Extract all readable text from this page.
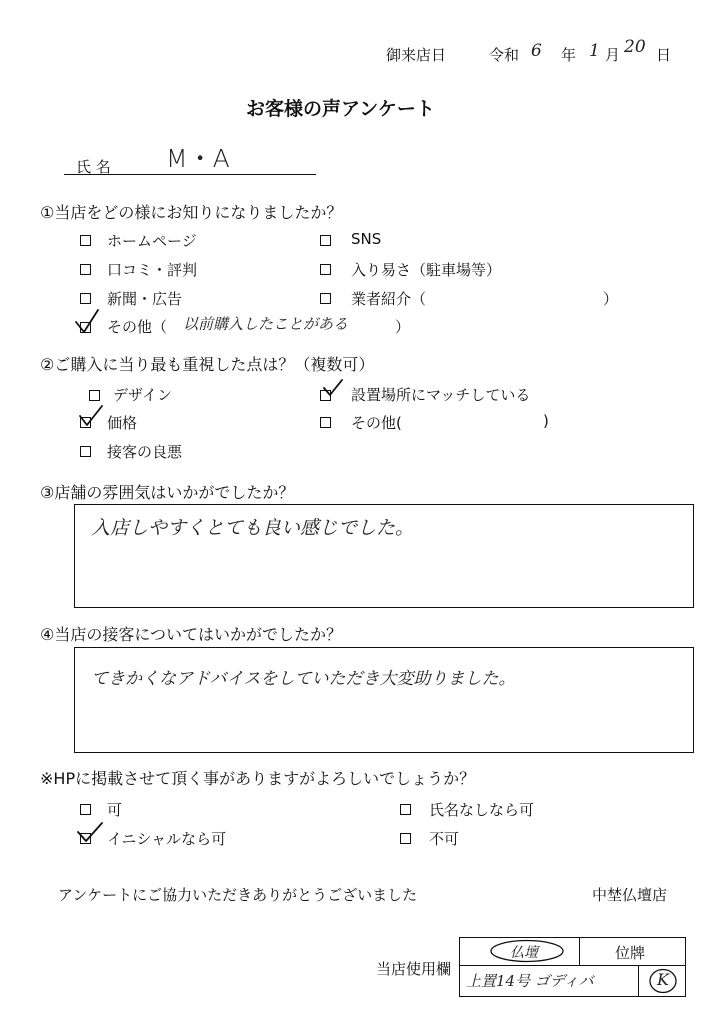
御来店日	令和 6 年 1 月 20 日
お客様の声アンケート
氏 名 M・A
①当店をどの様にお知りになりましたか？
ホームページ	SNS
口コミ・評判	入り易さ（駐車場等）
新聞・広告	業者紹介（	）
その他（ 以前購入したことがある	）
②ご購入に当り最も重視した点は？（複数可）
デザイン	設置場所にマッチしている
価格	その他(	)
接客の良悪
③店舗の雰囲気はいかがでしたか？
入店しやすくとても良い感じでした。
④当店の接客についてはいかがでしたか？
てきかくなアドバイスをしていただき大変助りました。
※HPに掲載させて頂く事がありますがよろしいでしょうか？
可	氏名なしなら可
イニシャルなら可	不可
アンケートにご協力いただきありがとうございました	中埜仏壇店
当店使用欄
仏壇	位牌
上置14号 ゴディバ	K
